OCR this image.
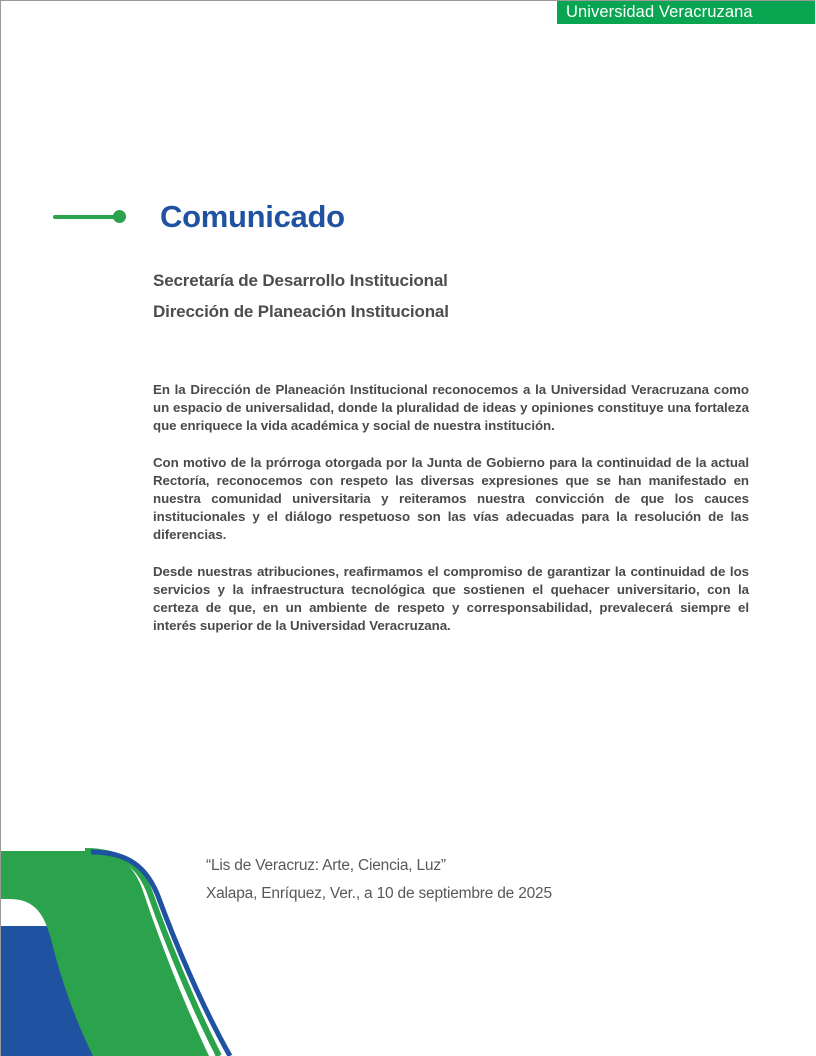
Universidad Veracruzana
Comunicado
Secretaría de Desarrollo Institucional
Dirección de Planeación Institucional

En la Dirección de Planeación Institucional reconocemos a la Universidad Veracruzana como un espacio de universalidad, donde la pluralidad de ideas y opiniones constituye una fortaleza que enriquece la vida académica y social de nuestra institución.

Con motivo de la prórroga otorgada por la Junta de Gobierno para la continuidad de la actual Rectoría, reconocemos con respeto las diversas expresiones que se han manifestado en nuestra comunidad universitaria y reiteramos nuestra convicción de que los cauces institucionales y el diálogo respetuoso son las vías adecuadas para la resolución de las diferencias.

Desde nuestras atribuciones, reafirmamos el compromiso de garantizar la continuidad de los servicios y la infraestructura tecnológica que sostienen el quehacer universitario, con la certeza de que, en un ambiente de respeto y corresponsabilidad, prevalecerá siempre el interés superior de la Universidad Veracruzana.

“Lis de Veracruz: Arte, Ciencia, Luz”
Xalapa, Enríquez, Ver., a 10 de septiembre de 2025
